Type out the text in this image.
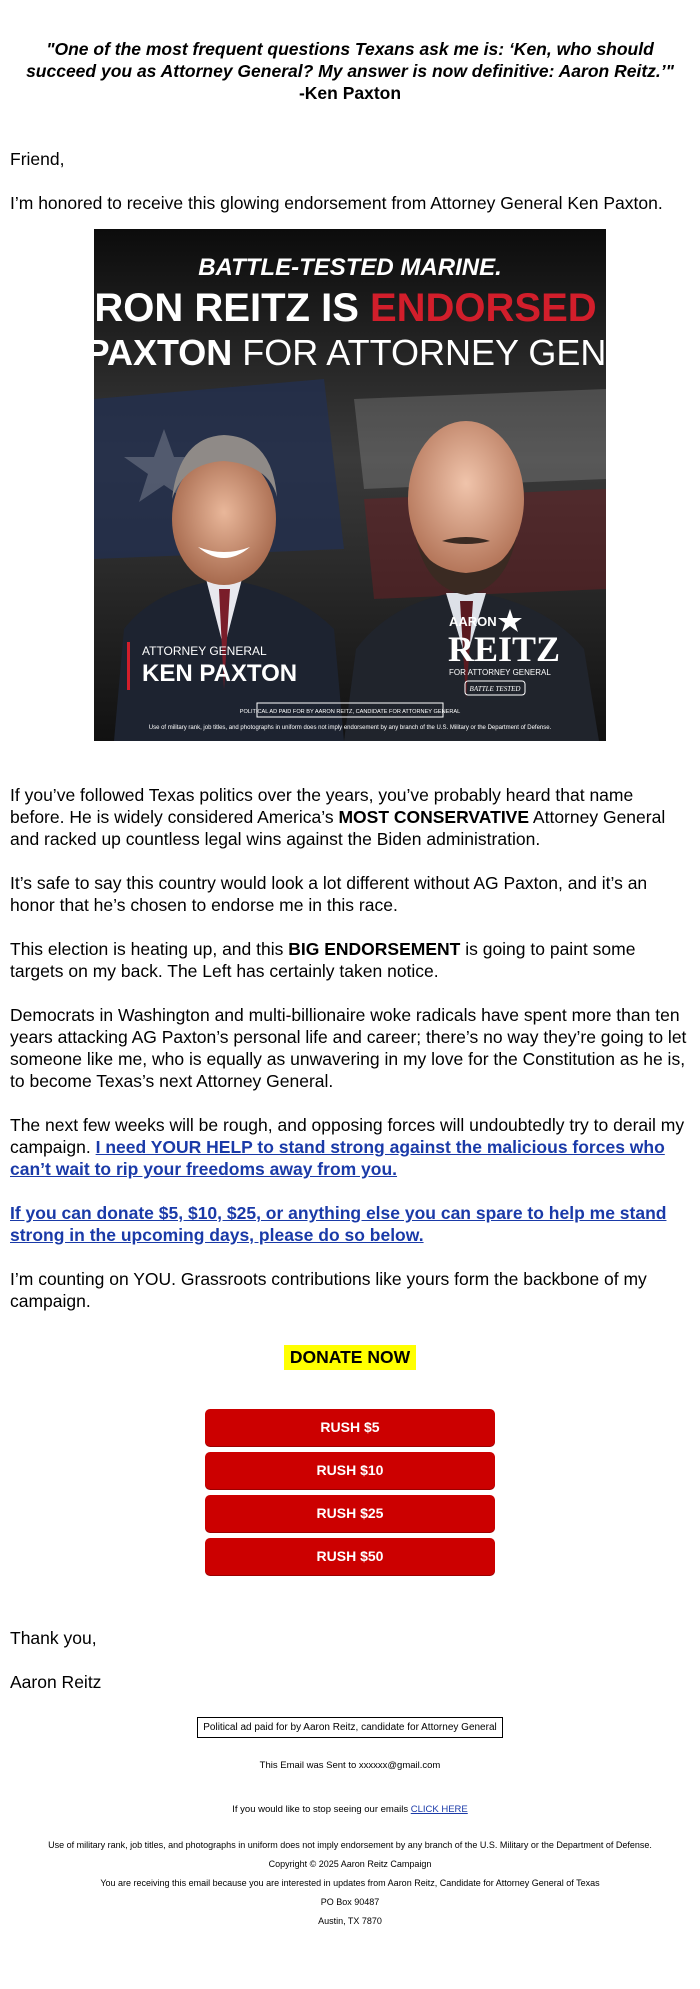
"One of the most frequent questions Texans ask me is: ‘Ken, who should succeed you as Attorney General? My answer is now definitive: Aaron Reitz.’"
-Ken Paxton

Friend,

I’m honored to receive this glowing endorsement from Attorney General Ken Paxton.

BATTLE-TESTED MARINE.
AARON REITZ IS ENDORSED BY
KEN PAXTON FOR ATTORNEY GENERAL
ATTORNEY GENERAL
KEN PAXTON
AARON
REITZ
FOR ATTORNEY GENERAL
BATTLE TESTED
POLITICAL AD PAID FOR BY AARON REITZ, CANDIDATE FOR ATTORNEY GENERAL
Use of military rank, job titles, and photographs in uniform does not imply endorsement by any branch of the U.S. Military or the Department of Defense.

If you’ve followed Texas politics over the years, you’ve probably heard that name before. He is widely considered America’s MOST CONSERVATIVE Attorney General and racked up countless legal wins against the Biden administration.

It’s safe to say this country would look a lot different without AG Paxton, and it’s an honor that he’s chosen to endorse me in this race.

This election is heating up, and this BIG ENDORSEMENT is going to paint some targets on my back. The Left has certainly taken notice.

Democrats in Washington and multi-billionaire woke radicals have spent more than ten years attacking AG Paxton’s personal life and career; there’s no way they’re going to let someone like me, who is equally as unwavering in my love for the Constitution as he is, to become Texas’s next Attorney General.

The next few weeks will be rough, and opposing forces will undoubtedly try to derail my campaign. I need YOUR HELP to stand strong against the malicious forces who can’t wait to rip your freedoms away from you.

If you can donate $5, $10, $25, or anything else you can spare to help me stand strong in the upcoming days, please do so below.

I’m counting on YOU. Grassroots contributions like yours form the backbone of my campaign.

DONATE NOW
RUSH $5
RUSH $10
RUSH $25
RUSH $50

Thank you,

Aaron Reitz

Political ad paid for by Aaron Reitz, candidate for Attorney General
This Email was Sent to xxxxxx@gmail.com
If you would like to stop seeing our emails CLICK HERE
Use of military rank, job titles, and photographs in uniform does not imply endorsement by any branch of the U.S. Military or the Department of Defense.
Copyright © 2025 Aaron Reitz Campaign
You are receiving this email because you are interested in updates from Aaron Reitz, Candidate for Attorney General of Texas
PO Box 90487
Austin, TX 7870
